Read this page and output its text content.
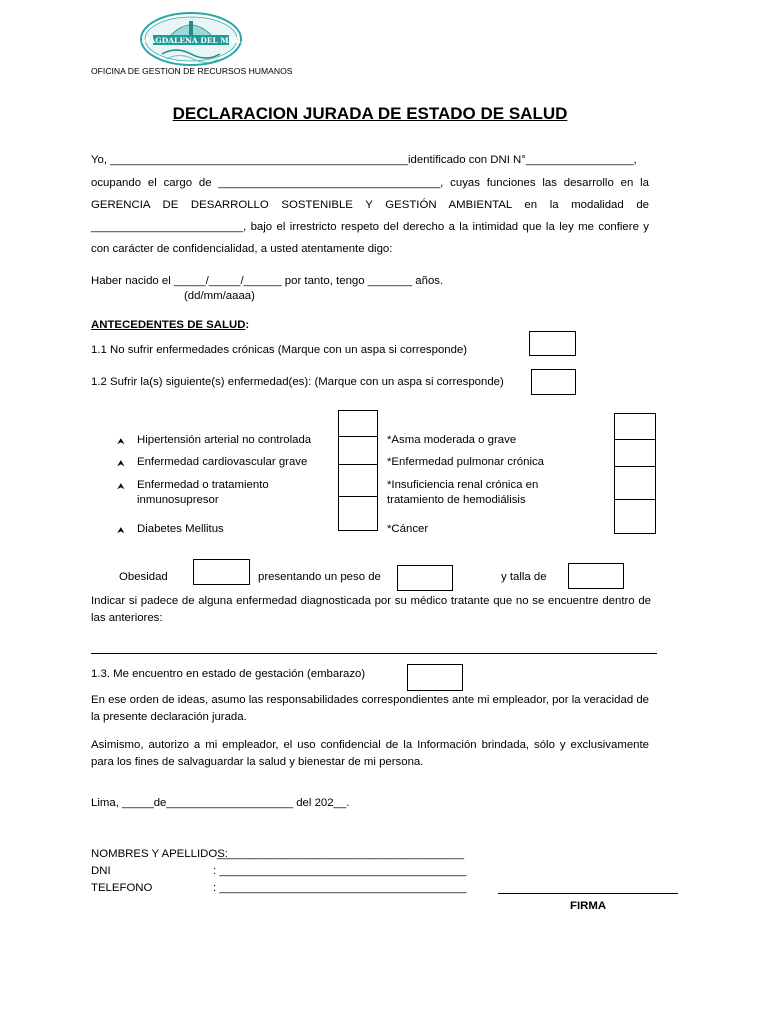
MAGDALENA DEL MAR
OFICINA DE GESTION DE RECURSOS HUMANOS
DECLARACION JURADA DE ESTADO DE SALUD
Yo, _______________________________________________identificado con DNI N°_________________,
ocupando el cargo de ___________________________________, cuyas funciones las desarrollo en la GERENCIA DE DESARROLLO SOSTENIBLE Y GESTIÓN AMBIENTAL en la modalidad de ________________________, bajo el irrestricto respeto del derecho a la intimidad que la ley me confiere y con carácter de confidencialidad, a usted atentamente digo:
Haber nacido el _____/_____/______ por tanto, tengo _______ años.
(dd/mm/aaaa)
ANTECEDENTES DE SALUD:
1.1 No sufrir enfermedades crónicas (Marque con un aspa si corresponde)
1.2 Sufrir la(s) siguiente(s) enfermedad(es): (Marque con un aspa si corresponde)
⮝ Hipertensión arterial no controlada
⮝ Enfermedad cardiovascular grave
⮝ Enfermedad o tratamiento
inmunosupresor
⮝ Diabetes Mellitus
*Asma moderada o grave
*Enfermedad pulmonar crónica
*Insuficiencia renal crónica en
tratamiento de hemodiálisis
*Cáncer
Obesidad	presentando un peso de	y talla de
Indicar si padece de alguna enfermedad diagnosticada por su médico tratante que no se encuentre dentro de las anteriores:
1.3. Me encuentro en estado de gestación (embarazo)
En ese orden de ideas, asumo las responsabilidades correspondientes ante mi empleador, por la veracidad de la presente declaración jurada.
Asimismo, autorizo a mi empleador, el uso confidencial de la Información brindada, sólo y exclusivamente para los fines de salvaguardar la salud y bienestar de mi persona.
Lima, _____de____________________ del 202__.
NOMBRES Y APELLIDOS:
_______________________________________
DNI	: _______________________________________
TELEFONO	: _______________________________________
FIRMA
